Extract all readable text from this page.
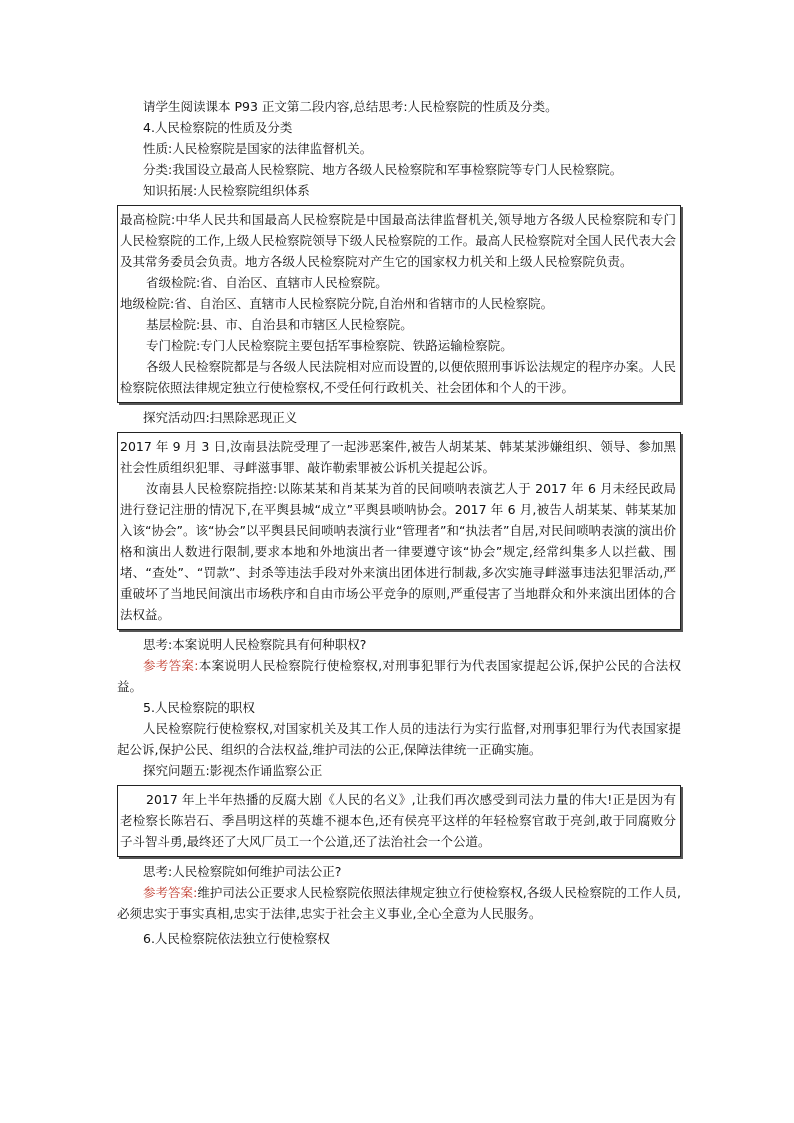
请学生阅读课本 P93 正文第二段内容,总结思考:人民检察院的性质及分类。
4.人民检察院的性质及分类
性质:人民检察院是国家的法律监督机关。
分类:我国设立最高人民检察院、地方各级人民检察院和军事检察院等专门人民检察院。
知识拓展:人民检察院组织体系
最高检院:中华人民共和国最高人民检察院是中国最高法律监督机关,领导地方各级人民检察院和专门人民检察院的工作,上级人民检察院领导下级人民检察院的工作。最高人民检察院对全国人民代表大会及其常务委员会负责。地方各级人民检察院对产生它的国家权力机关和上级人民检察院负责。
省级检院:省、自治区、直辖市人民检察院。
地级检院:省、自治区、直辖市人民检察院分院,自治州和省辖市的人民检察院。
基层检院:县、市、自治县和市辖区人民检察院。
专门检院:专门人民检察院主要包括军事检察院、铁路运输检察院。
各级人民检察院都是与各级人民法院相对应而设置的,以便依照刑事诉讼法规定的程序办案。人民检察院依照法律规定独立行使检察权,不受任何行政机关、社会团体和个人的干涉。
探究活动四:扫黑除恶现正义
2017 年 9 月 3 日,汝南县法院受理了一起涉恶案件,被告人胡某某、韩某某涉嫌组织、领导、参加黑社会性质组织犯罪、寻衅滋事罪、敲诈勒索罪被公诉机关提起公诉。
汝南县人民检察院指控:以陈某某和肖某某为首的民间唢呐表演艺人于 2017 年 6 月未经民政局进行登记注册的情况下,在平舆县城“成立”平舆县唢呐协会。2017 年 6 月,被告人胡某某、韩某某加入该“协会”。该“协会”以平舆县民间唢呐表演行业“管理者”和“执法者”自居,对民间唢呐表演的演出价格和演出人数进行限制,要求本地和外地演出者一律要遵守该“协会”规定,经常纠集多人以拦截、围堵、“查处”、“罚款”、封杀等违法手段对外来演出团体进行制裁,多次实施寻衅滋事违法犯罪活动,严重破坏了当地民间演出市场秩序和自由市场公平竞争的原则,严重侵害了当地群众和外来演出团体的合法权益。
思考:本案说明人民检察院具有何种职权?
参考答案:本案说明人民检察院行使检察权,对刑事犯罪行为代表国家提起公诉,保护公民的合法权益。
5.人民检察院的职权
人民检察院行使检察权,对国家机关及其工作人员的违法行为实行监督,对刑事犯罪行为代表国家提起公诉,保护公民、组织的合法权益,维护司法的公正,保障法律统一正确实施。
探究问题五:影视杰作诵监察公正
2017 年上半年热播的反腐大剧《人民的名义》,让我们再次感受到司法力量的伟大!正是因为有老检察长陈岩石、季昌明这样的英雄不褪本色,还有侯亮平这样的年轻检察官敢于亮剑,敢于同腐败分子斗智斗勇,最终还了大风厂员工一个公道,还了法治社会一个公道。
思考:人民检察院如何维护司法公正?
参考答案:维护司法公正要求人民检察院依照法律规定独立行使检察权,各级人民检察院的工作人员,必须忠实于事实真相,忠实于法律,忠实于社会主义事业,全心全意为人民服务。
6.人民检察院依法独立行使检察权
